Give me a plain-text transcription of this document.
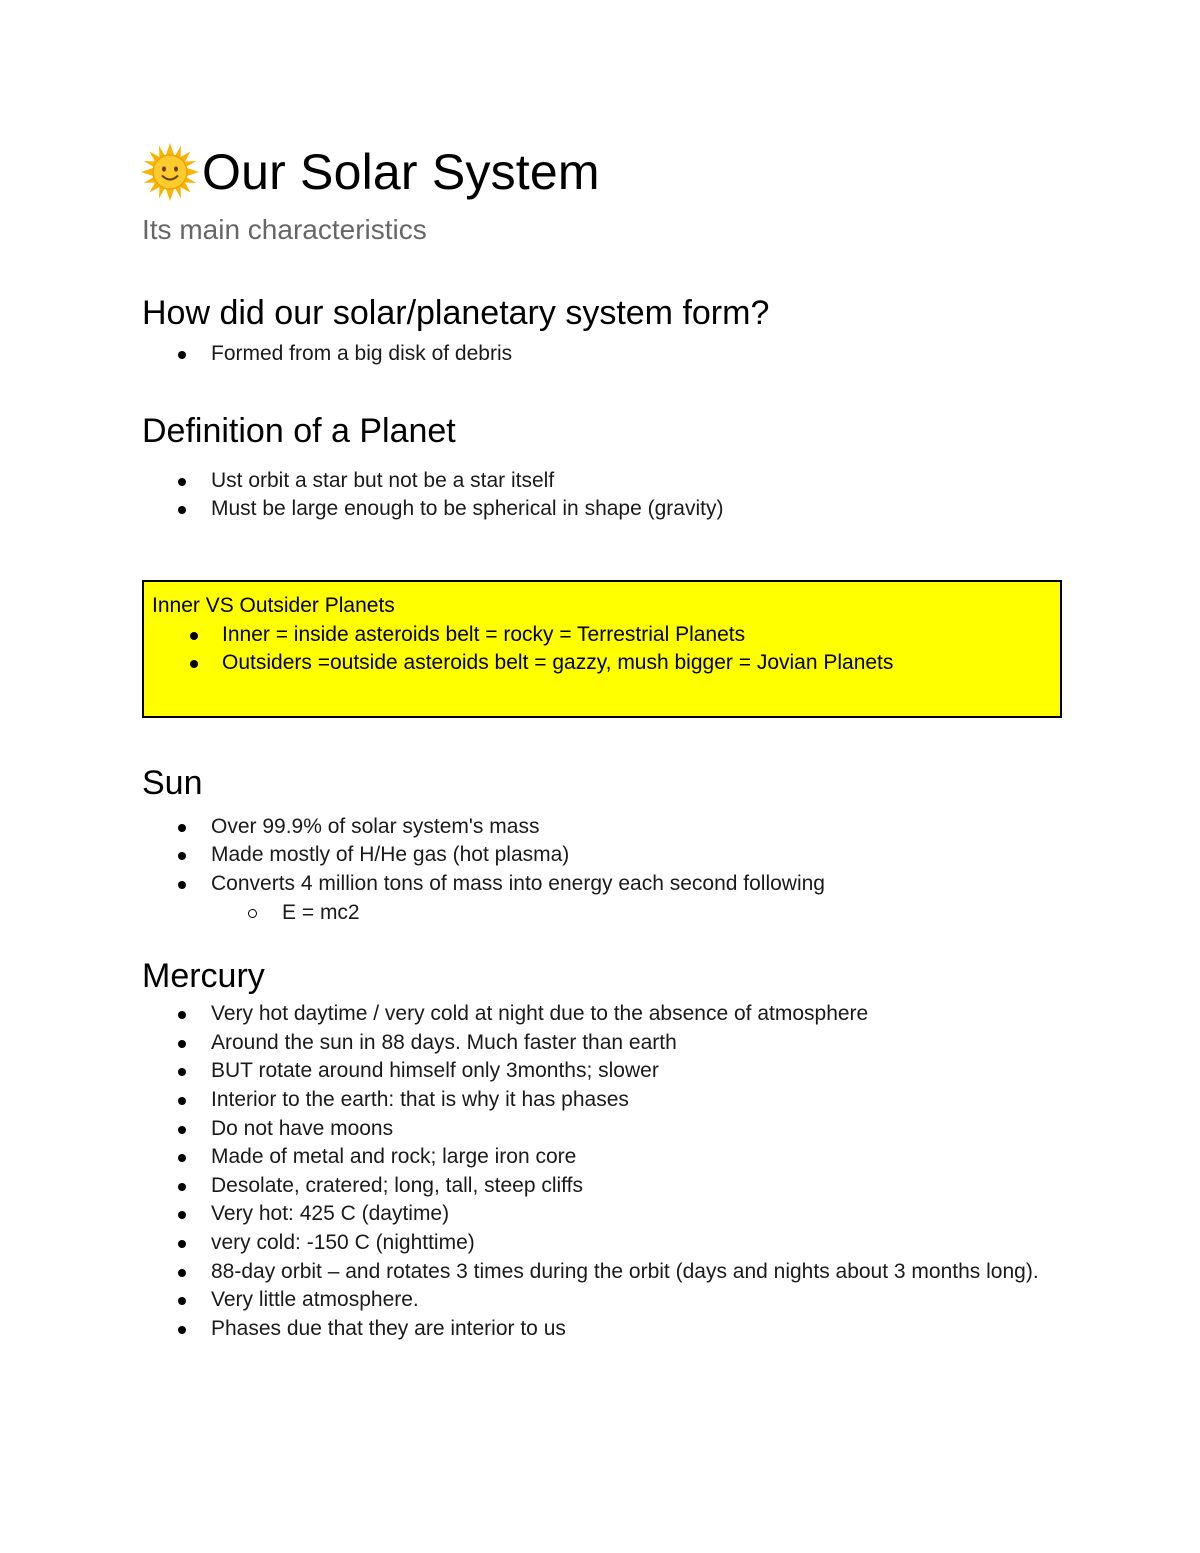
Our Solar System
Its main characteristics
How did our solar/planetary system form?
Formed from a big disk of debris
Definition of a Planet
Ust orbit a star but not be a star itself
Must be large enough to be spherical in shape (gravity)
Inner VS Outsider Planets
Inner = inside asteroids belt = rocky = Terrestrial Planets
Outsiders =outside asteroids belt = gazzy, mush bigger = Jovian Planets
Sun
Over 99.9% of solar system's mass
Made mostly of H/He gas (hot plasma)
Converts 4 million tons of mass into energy each second following
E = mc2
Mercury
Very hot daytime / very cold at night due to the absence of atmosphere
Around the sun in 88 days. Much faster than earth
BUT rotate around himself only 3months; slower
Interior to the earth: that is why it has phases
Do not have moons
Made of metal and rock; large iron core
Desolate, cratered; long, tall, steep cliffs
Very hot: 425 C (daytime)
very cold: -150 C (nighttime)
88-day orbit – and rotates 3 times during the orbit (days and nights about 3 months long).
Very little atmosphere.
Phases due that they are interior to us
